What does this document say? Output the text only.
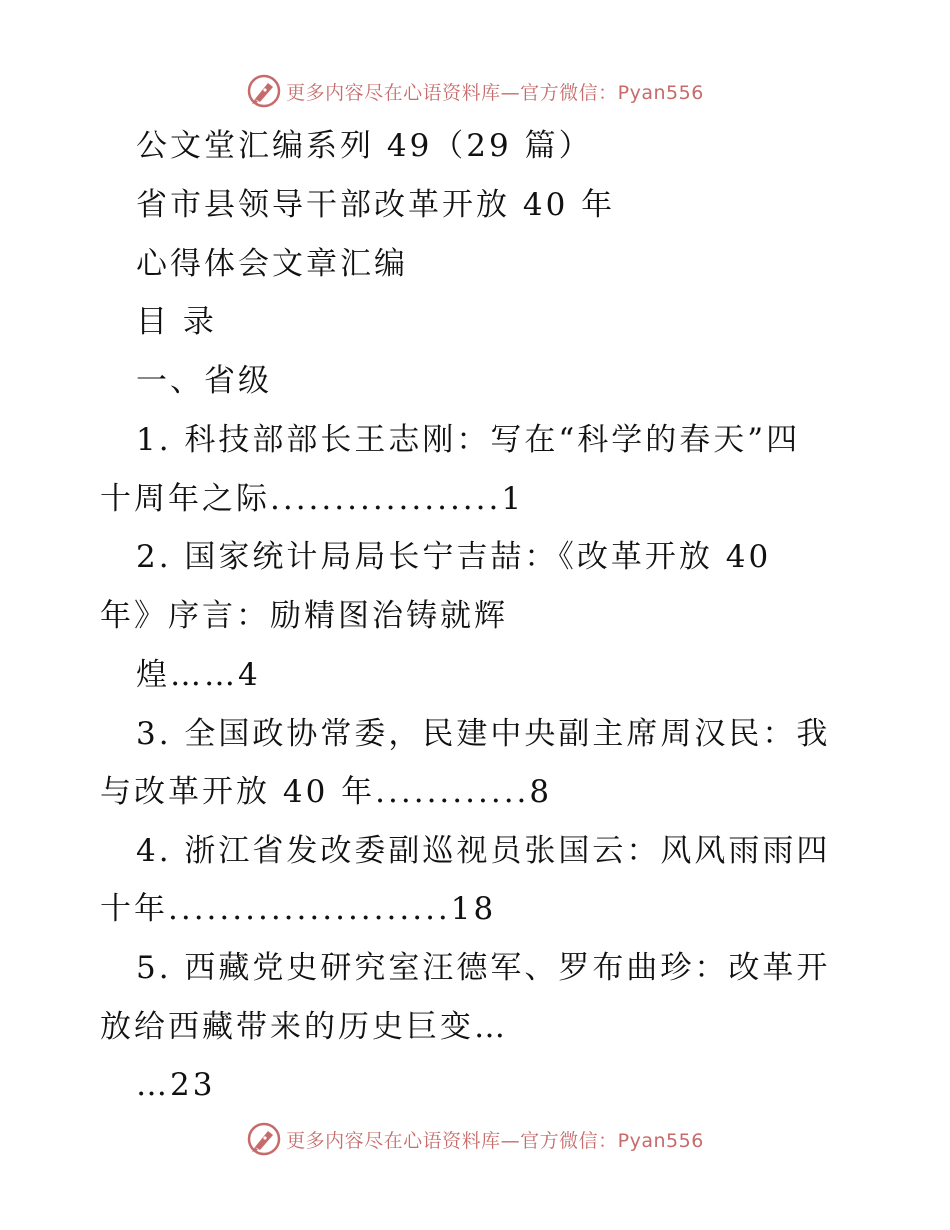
更多内容尽在心语资料库—官方微信：Pyan556
公文堂汇编系列 49（29 篇）
省市县领导干部改革开放 40 年
心得体会文章汇编
目 录
一、省级
1. 科技部部长王志刚：写在“科学的春天”四
十周年之际..................1
2. 国家统计局局长宁吉喆：《改革开放 40
年》序言：励精图治铸就辉
煌……4
3. 全国政协常委，民建中央副主席周汉民：我
与改革开放 40 年............8
4. 浙江省发改委副巡视员张国云：风风雨雨四
十年......................18
5. 西藏党史研究室汪德军、罗布曲珍：改革开
放给西藏带来的历史巨变…
…23
更多内容尽在心语资料库—官方微信：Pyan556
